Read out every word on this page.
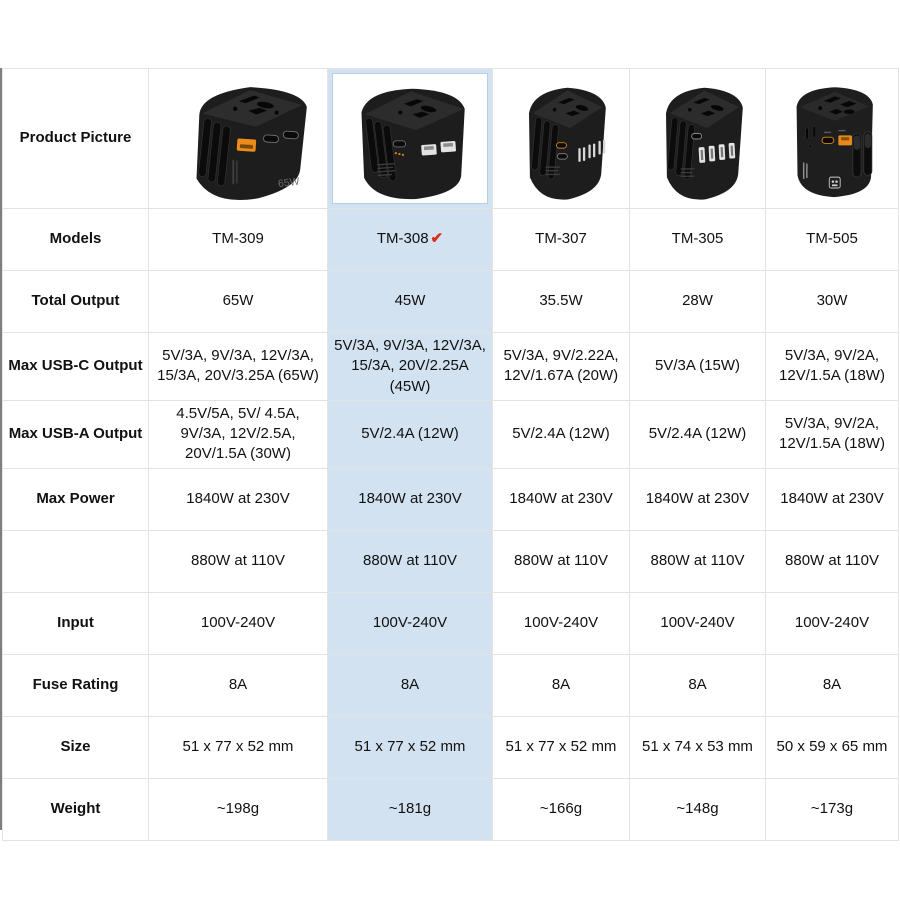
Product Picture	65W

Models	TM-309	TM-308 ✔	TM-307	TM-305	TM-505
Total Output	65W	45W	35.5W	28W	30W
Max USB-C Output	5V/3A, 9V/3A, 12V/3A, 15/3A, 20V/3.25A (65W)	5V/3A, 9V/3A, 12V/3A, 15/3A, 20V/2.25A (45W)	5V/3A, 9V/2.22A, 12V/1.67A (20W)	5V/3A (15W)	5V/3A, 9V/2A, 12V/1.5A (18W)
Max USB-A Output	4.5V/5A, 5V/ 4.5A, 9V/3A, 12V/2.5A, 20V/1.5A (30W)	5V/2.4A (12W)	5V/2.4A (12W)	5V/2.4A (12W)	5V/3A, 9V/2A, 12V/1.5A (18W)
Max Power	1840W at 230V	1840W at 230V	1840W at 230V	1840W at 230V	1840W at 230V
	880W at 110V	880W at 110V	880W at 110V	880W at 110V	880W at 110V
Input	100V-240V	100V-240V	100V-240V	100V-240V	100V-240V
Fuse Rating	8A	8A	8A	8A	8A
Size	51 x 77 x 52 mm	51 x 77 x 52 mm	51 x 77 x 52 mm	51 x 74 x 53 mm	50 x 59 x 65 mm
Weight	~198g	~181g	~166g	~148g	~173g
